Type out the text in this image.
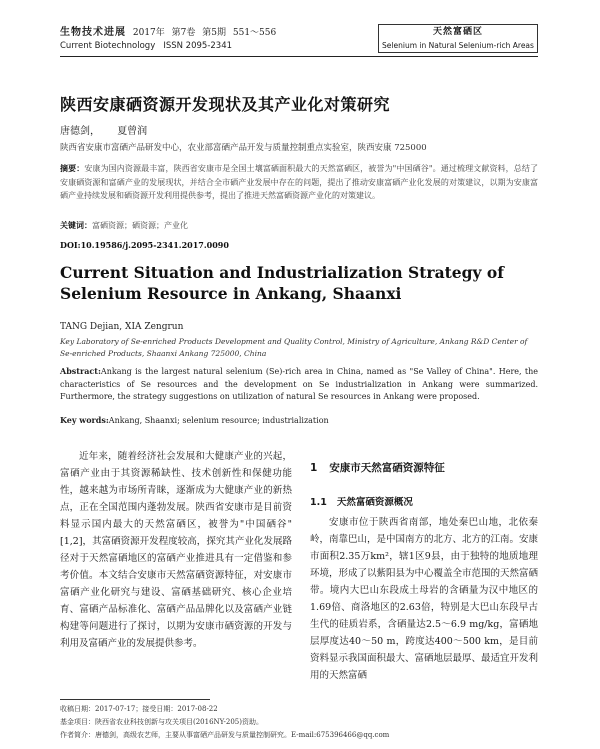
生物技术进展 2017年 第7卷 第5期 551～556
Current Biotechnology ISSN 2095-2341
天然富硒区
Selenium in Natural Selenium-rich Areas
陕西安康硒资源开发现状及其产业化对策研究
唐德剑， 夏曾润
陕西省安康市富硒产品研发中心，农业部富硒产品开发与质量控制重点实验室，陕西安康 725000
摘要：安康为国内资源最丰富，陕西省安康市是全国土壤富硒面积最大的天然富硒区，被誉为"中国硒谷"。通过梳理文献资料，总结了安康硒资源和富硒产业的发展现状，并结合全市硒产业发展中存在的问题，提出了推动安康富硒产业化发展的对策建议，以期为安康富硒产业持续发展和硒资源开发利用提供参考，提出了推进天然富硒资源产业化的对策建议。
关键词：富硒资源；硒资源；产业化
DOI:10.19586/j.2095-2341.2017.0090
Current Situation and Industrialization Strategy of Selenium Resource in Ankang, Shaanxi
TANG Dejian, XIA Zengrun
Key Laboratory of Se-enriched Products Development and Quality Control, Ministry of Agriculture, Ankang R&D Center of Se-enriched Products, Shaanxi Ankang 725000, China
Abstract:Ankang is the largest natural selenium (Se)-rich area in China, named as "Se Valley of China". Here, the characteristics of Se resources and the development on Se industrialization in Ankang were summarized. Furthermore, the strategy suggestions on utilization of natural Se resources in Ankang were proposed.
Key words:Ankang, Shaanxi; selenium resource; industrialization
近年来，随着经济社会发展和大健康产业的兴起，富硒产业由于其资源稀缺性、技术创新性和保健功能性，越来越为市场所青睐，逐渐成为大健康产业的新热点，正在全国范围内蓬勃发展。陕西省安康市是目前资料显示国内最大的天然富硒区，被誉为"中国硒谷"[1,2]，其富硒资源开发程度较高，探究其产业化发展路径对于天然富硒地区的富硒产业推进具有一定借鉴和参考价值。本文结合安康市天然富硒资源特征，对安康市富硒产业化研究与建设、富硒基础研究、核心企业培育、富硒产品标准化、富硒产品品牌化以及富硒产业链构建等问题进行了探讨，以期为安康市硒资源的开发与利用及富硒产业的发展提供参考。
1 安康市天然富硒资源特征
1.1 天然富硒资源概况
安康市位于陕西省南部，地处秦巴山地，北依秦岭，南靠巴山，是中国南方的北方、北方的江南。安康市面积2.35万km²，辖1区9县，由于独特的地质地理环境，形成了以紫阳县为中心覆盖全市范围的天然富硒带。境内大巴山东段成土母岩的含硒量为汉中地区的1.69倍、商洛地区的2.63倍，特别是大巴山东段早古生代的硅质岩系，含硒量达2.5～6.9 mg/kg，富硒地层厚度达40～50 m，跨度达400～500 km，是目前资料显示我国面积最大、富硒地层最厚、最适宜开发利用的天然富硒
收稿日期：2017-07-17；接受日期：2017-08-22
基金项目：陕西省农业科技创新与攻关项目(2016NY-205)资助。
作者简介：唐德剑，高级农艺师，主要从事富硒产品研发与质量控制研究。E-mail:675396466@qq.com
